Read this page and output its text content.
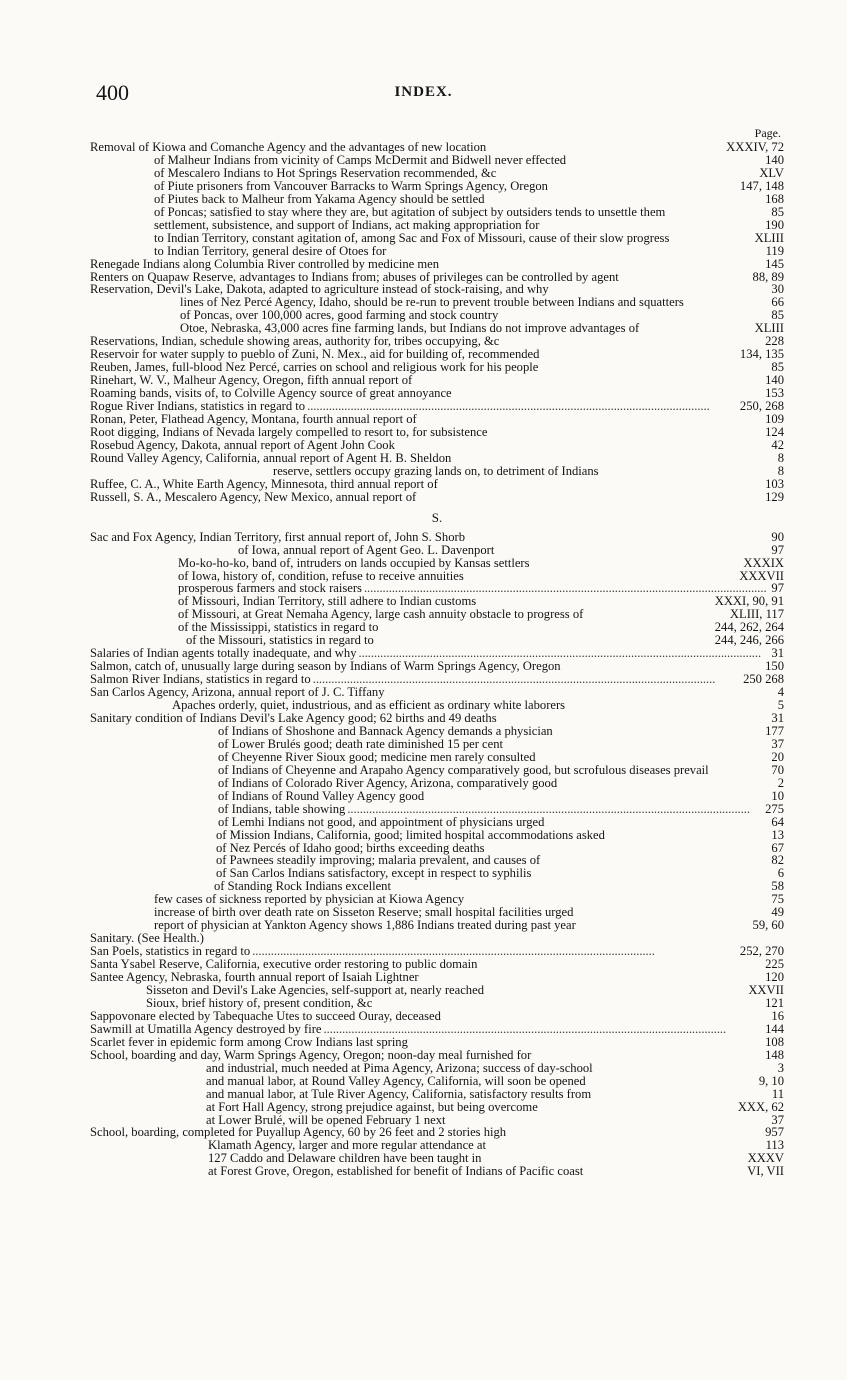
400	INDEX.
Page.
Removal of Kiowa and Comanche Agency and the advantages of new location	XXXIV, 72
of Malheur Indians from vicinity of Camps McDermit and Bidwell never effected	140
of Mescalero Indians to Hot Springs Reservation recommended, &c	XLV
of Piute prisoners from Vancouver Barracks to Warm Springs Agency, Oregon	147, 148
of Piutes back to Malheur from Yakama Agency should be settled	168
of Poncas; satisfied to stay where they are, but agitation of subject by outsiders tends to unsettle them	85
settlement, subsistence, and support of Indians, act making appropriation for	190
to Indian Territory, constant agitation of, among Sac and Fox of Missouri, cause of their slow progress	XLIII
to Indian Territory, general desire of Otoes for	119
Renegade Indians along Columbia River controlled by medicine men	145
Renters on Quapaw Reserve, advantages to Indians from; abuses of privileges can be controlled by agent	88, 89
Reservation, Devil's Lake, Dakota, adapted to agriculture instead of stock-raising, and why	30
lines of Nez Percé Agency, Idaho, should be re-run to prevent trouble between Indians and squatters	66
of Poncas, over 100,000 acres, good farming and stock country	85
Otoe, Nebraska, 43,000 acres fine farming lands, but Indians do not improve advantages of	XLIII
Reservations, Indian, schedule showing areas, authority for, tribes occupying, &c	228
Reservoir for water supply to pueblo of Zuni, N. Mex., aid for building of, recommended	134, 135
Reuben, James, full-blood Nez Percé, carries on school and religious work for his people	85
Rinehart, W. V., Malheur Agency, Oregon, fifth annual report of	140
Roaming bands, visits of, to Colville Agency source of great annoyance	153
Rogue River Indians, statistics in regard to . . .	250, 268
Ronan, Peter, Flathead Agency, Montana, fourth annual report of	109
Root digging, Indians of Nevada largely compelled to resort to, for subsistence	124
Rosebud Agency, Dakota, annual report of Agent John Cook	42
Round Valley Agency, California, annual report of Agent H. B. Sheldon	8
reserve, settlers occupy grazing lands on, to detriment of Indians	8
Ruffee, C. A., White Earth Agency, Minnesota, third annual report of	103
Russell, S. A., Mescalero Agency, New Mexico, annual report of	129
S.
Sac and Fox Agency, Indian Territory, first annual report of, John S. Shorb	90
of Iowa, annual report of Agent Geo. L. Davenport	97
Mo-ko-ho-ko, band of, intruders on lands occupied by Kansas settlers	XXXIX
of Iowa, history of, condition, refuse to receive annuities	XXXVII
prosperous farmers and stock raisers . . .	97
of Missouri, Indian Territory, still adhere to Indian customs	XXXI, 90, 91
of Missouri, at Great Nemaha Agency, large cash annuity obstacle to progress of	XLIII, 117
of the Mississippi, statistics in regard to	244, 262, 264
of the Missouri, statistics in regard to	244, 246, 266
Salaries of Indian agents totally inadequate, and why . . .	31
Salmon, catch of, unusually large during season by Indians of Warm Springs Agency, Oregon	150
Salmon River Indians, statistics in regard to . . .	250 268
San Carlos Agency, Arizona, annual report of J. C. Tiffany	4
Apaches orderly, quiet, industrious, and as efficient as ordinary white laborers	5
Sanitary condition of Indians Devil's Lake Agency good; 62 births and 49 deaths	31
of Indians of Shoshone and Bannack Agency demands a physician	177
of Lower Brulés good; death rate diminished 15 per cent	37
of Cheyenne River Sioux good; medicine men rarely consulted	20
of Indians of Cheyenne and Arapaho Agency comparatively good, but scrofulous diseases prevail	70
of Indians of Colorado River Agency, Arizona, comparatively good	2
of Indians of Round Valley Agency good	10
of Indians, table showing . . .	275
of Lemhi Indians not good, and appointment of physicians urged	64
of Mission Indians, California, good; limited hospital accommodations asked	13
of Nez Percés of Idaho good; births exceeding deaths	67
of Pawnees steadily improving; malaria prevalent, and causes of	82
of San Carlos Indians satisfactory, except in respect to syphilis	6
of Standing Rock Indians excellent	58
few cases of sickness reported by physician at Kiowa Agency	75
increase of birth over death rate on Sisseton Reserve; small hospital facilities urged	49
report of physician at Yankton Agency shows 1,886 Indians treated during past year	59, 60
Sanitary. (See Health.)
San Poels, statistics in regard to . . .	252, 270
Santa Ysabel Reserve, California, executive order restoring to public domain	225
Santee Agency, Nebraska, fourth annual report of Isaiah Lightner	120
Sisseton and Devil's Lake Agencies, self-support at, nearly reached	XXVII
Sioux, brief history of, present condition, &c	121
Sappovonare elected by Tabequache Utes to succeed Ouray, deceased	16
Sawmill at Umatilla Agency destroyed by fire . . .	144
Scarlet fever in epidemic form among Crow Indians last spring	108
School, boarding and day, Warm Springs Agency, Oregon; noon-day meal furnished for	148
and industrial, much needed at Pima Agency, Arizona; success of day-school	3
and manual labor, at Round Valley Agency, California, will soon be opened	9, 10
and manual labor, at Tule River Agency, California, satisfactory results from	11
at Fort Hall Agency, strong prejudice against, but being overcome	XXX, 62
at Lower Brulé, will be opened February 1 next	37
School, boarding, completed for Puyallup Agency, 60 by 26 feet and 2 stories high	957
Klamath Agency, larger and more regular attendance at	113
127 Caddo and Delaware children have been taught in	XXXV
at Forest Grove, Oregon, established for benefit of Indians of Pacific coast	VI, VII
